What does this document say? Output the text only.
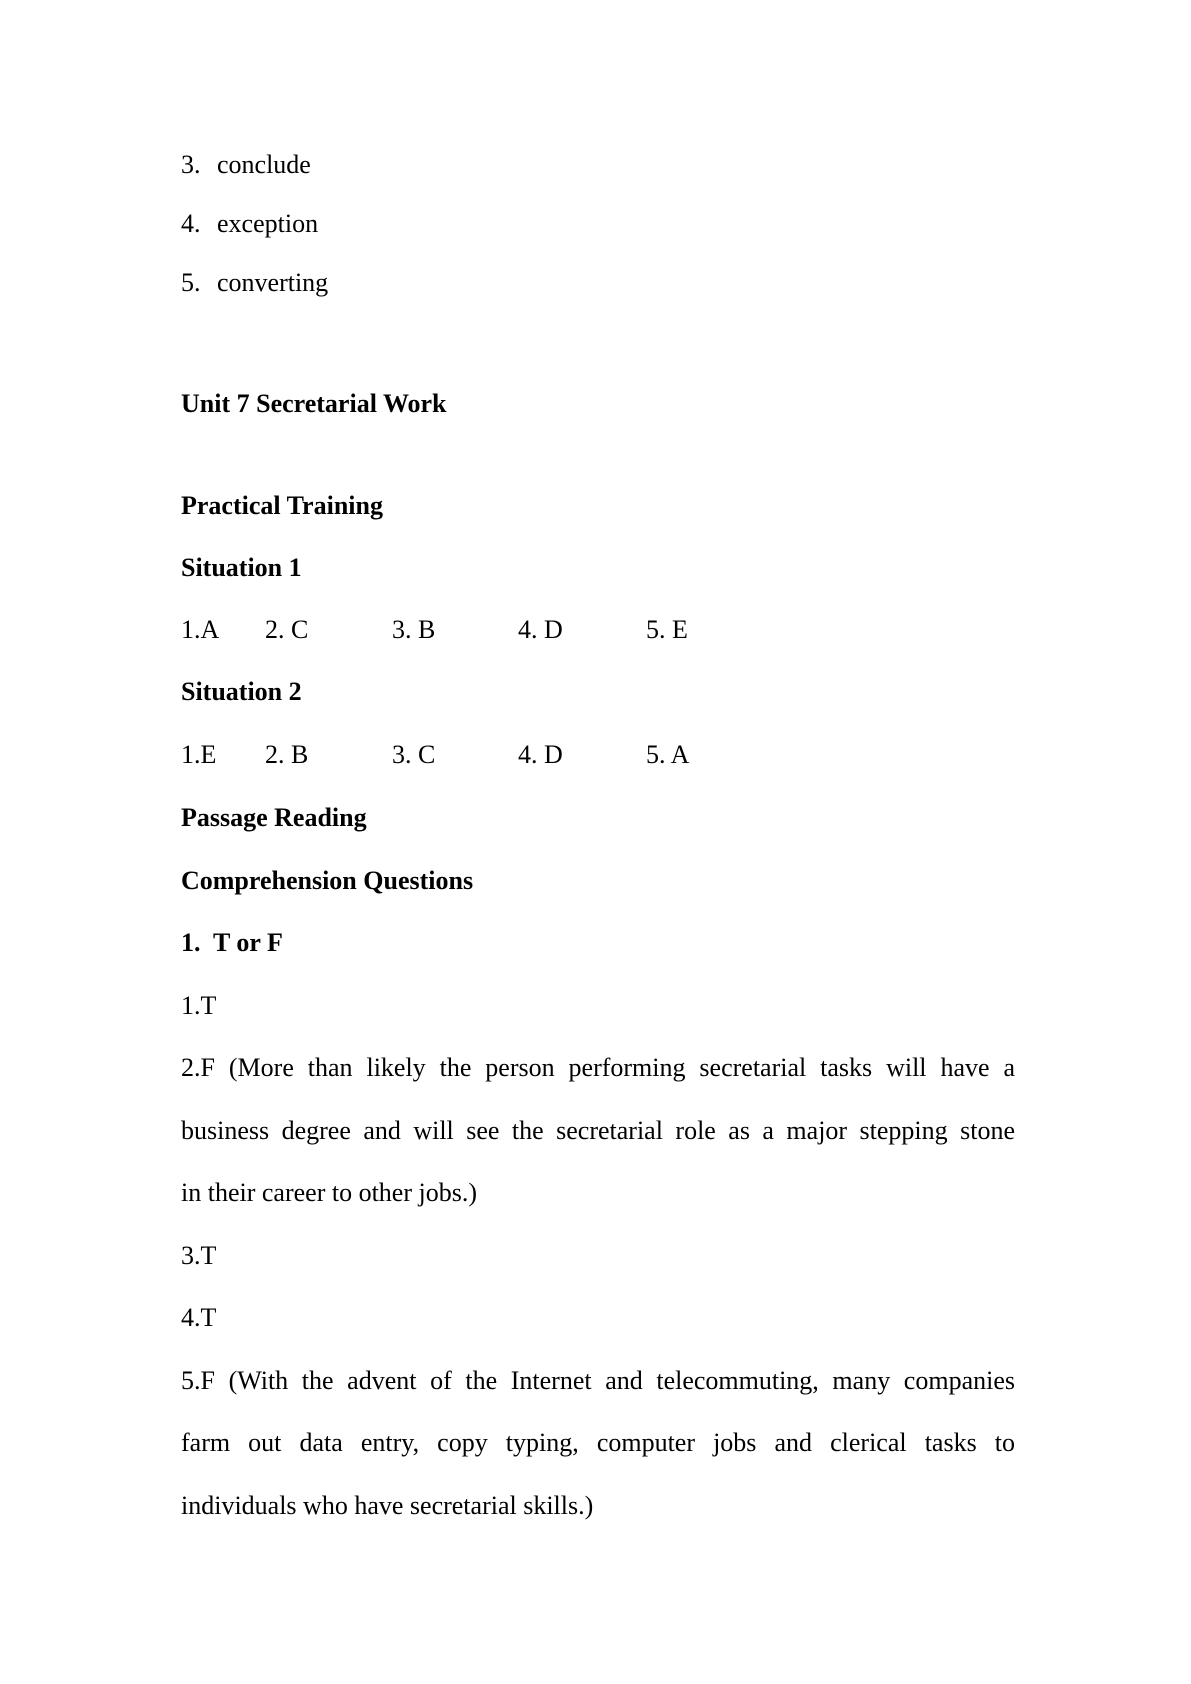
3. conclude
4. exception
5. converting
Unit 7 Secretarial Work
Practical Training
Situation 1
1.A 2. C	3. B	4. D	5. E
Situation 2
1.E 2. B	3. C	4. D	5. A
Passage Reading
Comprehension Questions
1.  T or F
1.T
2.F (More than likely the person performing secretarial tasks will have a
business degree and will see the secretarial role as a major stepping stone
in their career to other jobs.)
3.T
4.T
5.F (With the advent of the Internet and telecommuting, many companies
farm out data entry, copy typing, computer jobs and clerical tasks to
individuals who have secretarial skills.)
